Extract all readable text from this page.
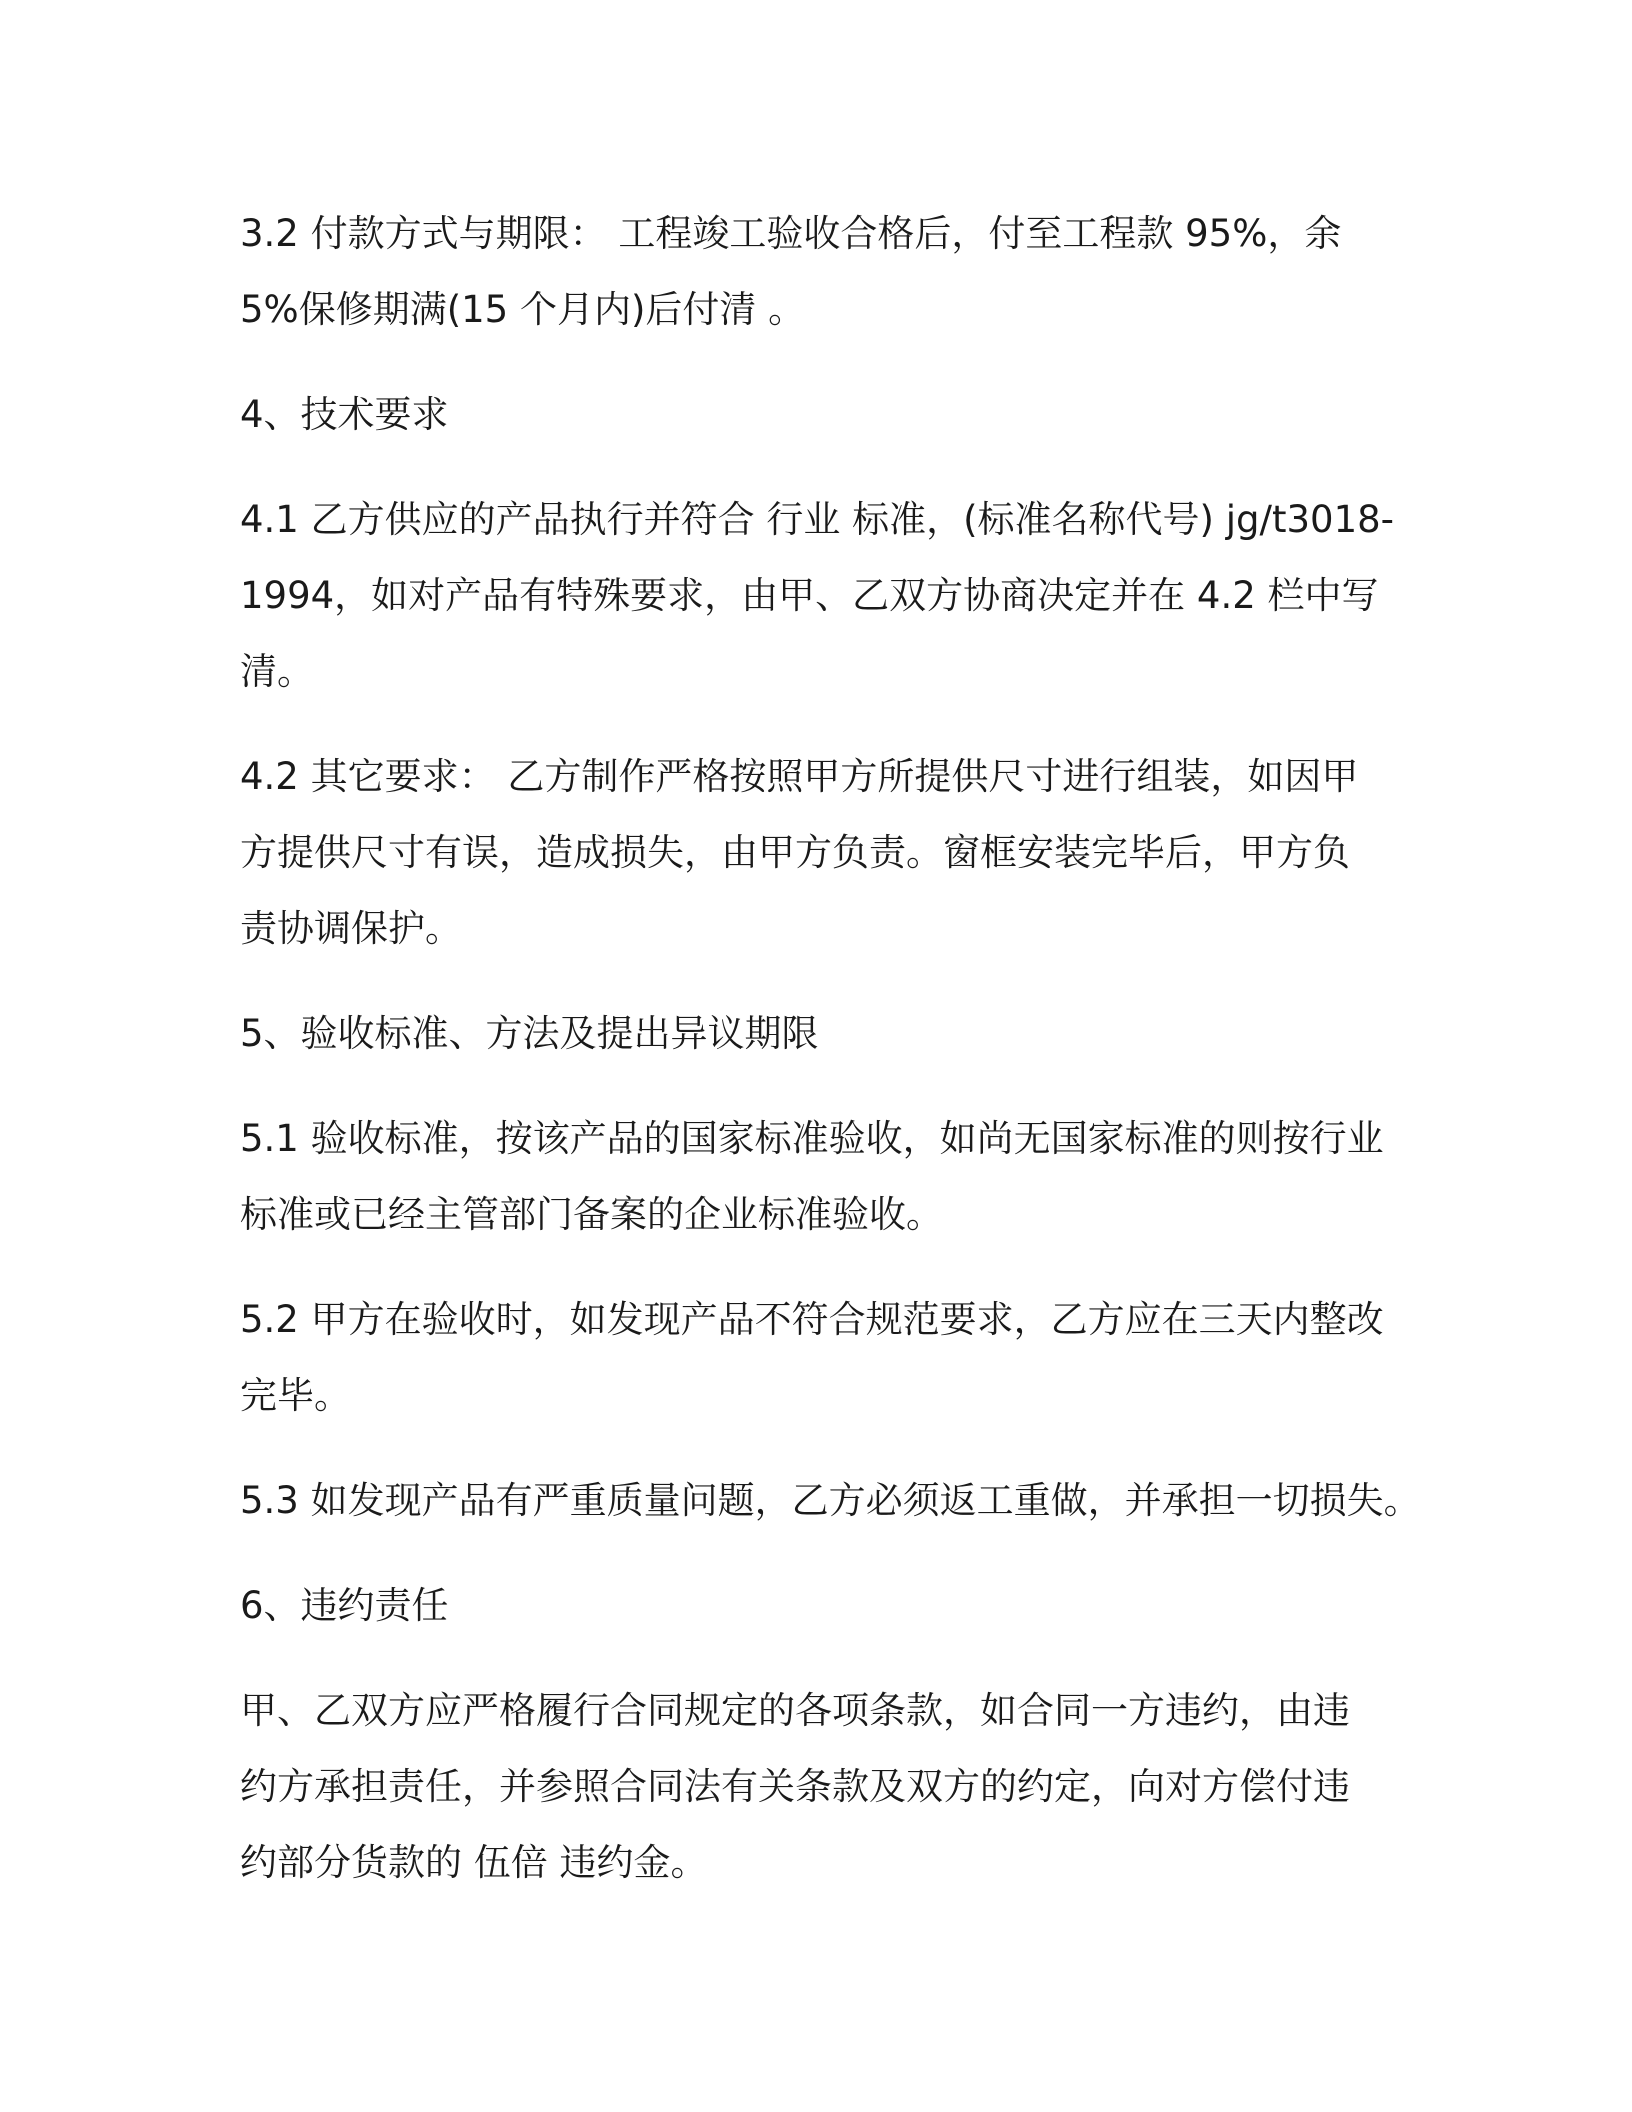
3.2 付款方式与期限： 工程竣工验收合格后，付至工程款 95%，余
5%保修期满(15 个月内)后付清 。

4、技术要求

4.1 乙方供应的产品执行并符合 行业 标准，(标准名称代号) jg/t3018-
1994，如对产品有特殊要求，由甲、乙双方协商决定并在 4.2 栏中写
清。

4.2 其它要求： 乙方制作严格按照甲方所提供尺寸进行组装，如因甲
方提供尺寸有误，造成损失，由甲方负责。窗框安装完毕后，甲方负
责协调保护。

5、验收标准、方法及提出异议期限

5.1 验收标准，按该产品的国家标准验收，如尚无国家标准的则按行业
标准或已经主管部门备案的企业标准验收。

5.2 甲方在验收时，如发现产品不符合规范要求，乙方应在三天内整改
完毕。

5.3 如发现产品有严重质量问题，乙方必须返工重做，并承担一切损失。

6、违约责任

甲、乙双方应严格履行合同规定的各项条款，如合同一方违约，由违
约方承担责任，并参照合同法有关条款及双方的约定，向对方偿付违
约部分货款的 伍倍 违约金。
